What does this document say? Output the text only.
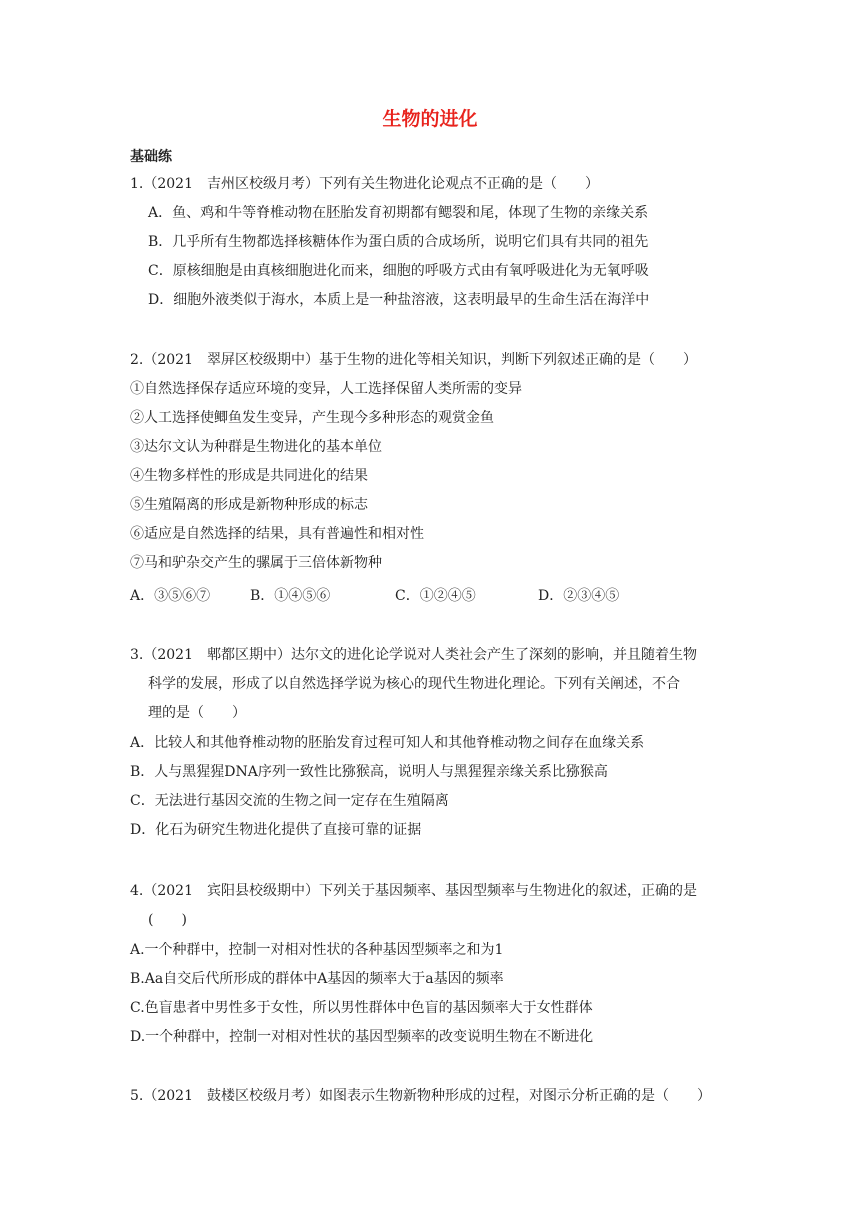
生物的进化
基础练
1.（2021　吉州区校级月考）下列有关生物进化论观点不正确的是（　　）
A．鱼、鸡和牛等脊椎动物在胚胎发育初期都有鳃裂和尾，体现了生物的亲缘关系
B．几乎所有生物都选择核糖体作为蛋白质的合成场所，说明它们具有共同的祖先
C．原核细胞是由真核细胞进化而来，细胞的呼吸方式由有氧呼吸进化为无氧呼吸
D．细胞外液类似于海水，本质上是一种盐溶液，这表明最早的生命生活在海洋中
2.（2021　翠屏区校级期中）基于生物的进化等相关知识，判断下列叙述正确的是（　　）
①自然选择保存适应环境的变异，人工选择保留人类所需的变异
②人工选择使鲫鱼发生变异，产生现今多种形态的观赏金鱼
③达尔文认为种群是生物进化的基本单位
④生物多样性的形成是共同进化的结果
⑤生殖隔离的形成是新物种形成的标志
⑥适应是自然选择的结果，具有普遍性和相对性
⑦马和驴杂交产生的骡属于三倍体新物种
A．③⑤⑥⑦	B．①④⑤⑥	C．①②④⑤	D．②③④⑤
3.（2021　郫都区期中）达尔文的进化论学说对人类社会产生了深刻的影响，并且随着生物
科学的发展，形成了以自然选择学说为核心的现代生物进化理论。下列有关阐述，不合
理的是（　　）
A．比较人和其他脊椎动物的胚胎发育过程可知人和其他脊椎动物之间存在血缘关系
B．人与黑猩猩DNA序列一致性比猕猴高，说明人与黑猩猩亲缘关系比猕猴高
C．无法进行基因交流的生物之间一定存在生殖隔离
D．化石为研究生物进化提供了直接可靠的证据
4.（2021　宾阳县校级期中）下列关于基因频率、基因型频率与生物进化的叙述，正确的是
(　　)
A.一个种群中，控制一对相对性状的各种基因型频率之和为1
B.Aa自交后代所形成的群体中A基因的频率大于a基因的频率
C.色盲患者中男性多于女性，所以男性群体中色盲的基因频率大于女性群体
D.一个种群中，控制一对相对性状的基因型频率的改变说明生物在不断进化
5.（2021　鼓楼区校级月考）如图表示生物新物种形成的过程，对图示分析正确的是（　　）
